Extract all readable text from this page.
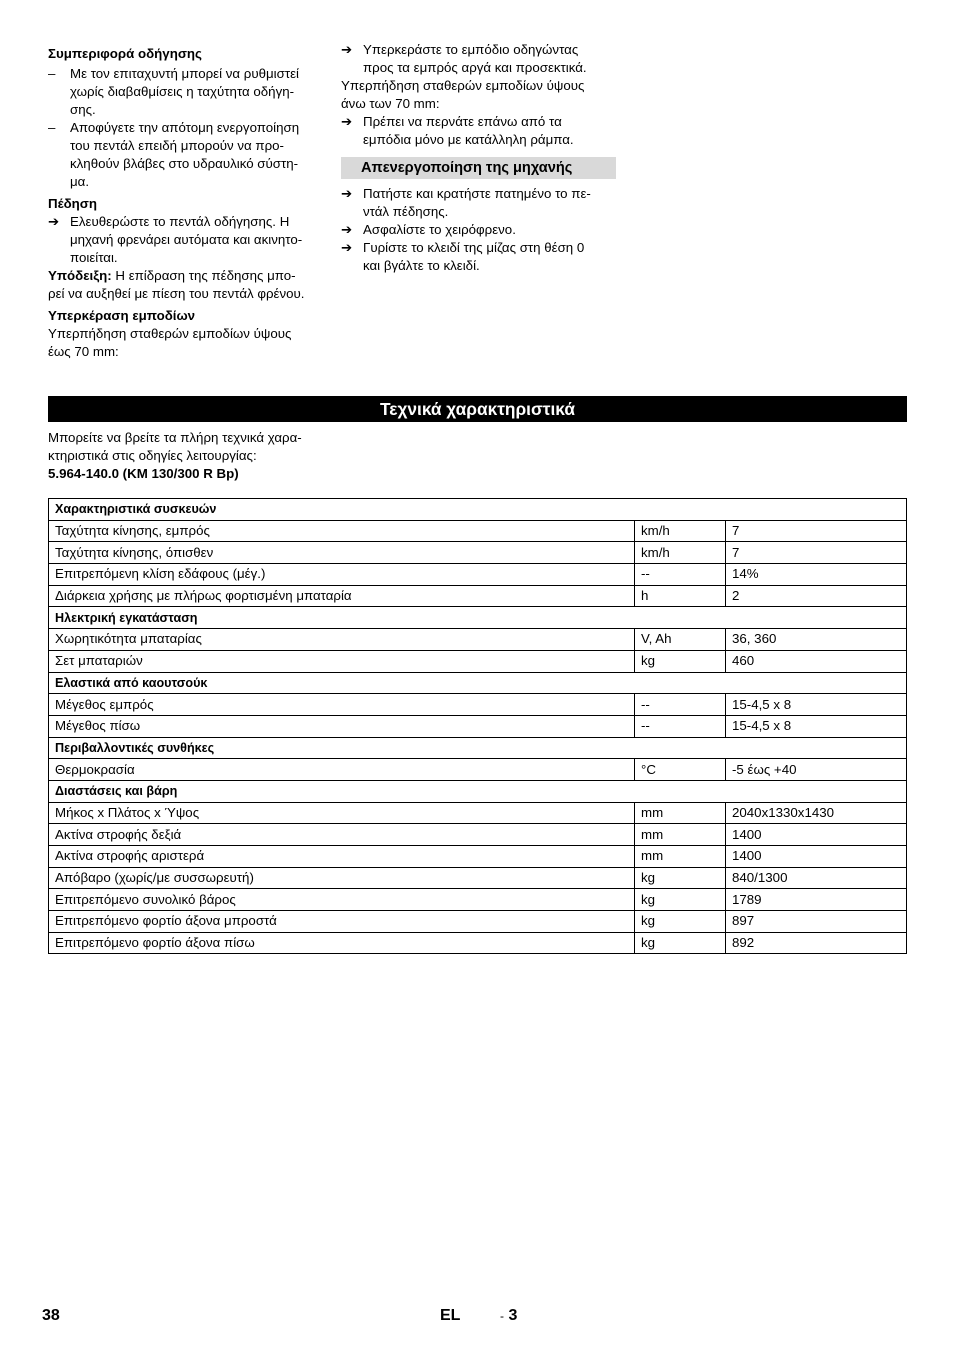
Συμπεριφορά οδήγησης

– Με τον επιταχυντή μπορεί να ρυθμιστεί
χωρίς διαβαθμίσεις η ταχύτητα οδήγη-
σης.
– Αποφύγετε την απότομη ενεργοποίηση
του πεντάλ επειδή μπορούν να προ-
κληθούν βλάβες στο υδραυλικό σύστη-
μα.

Πέδηση

➔ Ελευθερώστε το πεντάλ οδήγησης. Η
μηχανή φρενάρει αυτόματα και ακινητο-
ποιείται.
Υπόδειξη: Η επίδραση της πέδησης μπο-
ρεί να αυξηθεί με πίεση του πεντάλ φρένου.

Υπερκέραση εμποδίων

Υπερπήδηση σταθερών εμποδίων ύψους
έως 70 mm:
➔ Υπερκεράστε το εμπόδιο οδηγώντας
προς τα εμπρός αργά και προσεκτικά.
Υπερπήδηση σταθερών εμποδίων ύψους
άνω των 70 mm:
➔ Πρέπει να περνάτε επάνω από τα
εμπόδια μόνο με κατάλληλη ράμπα.
Απενεργοποίηση της μηχανής
➔ Πατήστε και κρατήστε πατημένο το πε-
ντάλ πέδησης.
➔ Ασφαλίστε το χειρόφρενο.
➔ Γυρίστε το κλειδί της μίζας στη θέση 0
και βγάλτε το κλειδί.
Τεχνικά χαρακτηριστικά
Μπορείτε να βρείτε τα πλήρη τεχνικά χαρα-
κτηριστικά στις οδηγίες λειτουργίας:
5.964-140.0 (KM 130/300 R Bp)
Χαρακτηριστικά συσκευών		
Ταχύτητα κίνησης, εμπρός	km/h	7
Ταχύτητα κίνησης, όπισθεν	km/h	7
Επιτρεπόμενη κλίση εδάφους (μέγ.)	--	14%
Διάρκεια χρήσης με πλήρως φορτισμένη μπαταρία	h	2
Ηλεκτρική εγκατάσταση		
Χωρητικότητα μπαταρίας	V, Ah	36, 360
Σετ μπαταριών	kg	460
Ελαστικά από καουτσούκ		
Μέγεθος εμπρός	--	15-4,5 x 8
Μέγεθος πίσω	--	15-4,5 x 8
Περιβαλλοντικές συνθήκες		
Θερμοκρασία	°C	-5 έως +40
Διαστάσεις και βάρη		
Μήκος x Πλάτος x Ύψος	mm	2040x1330x1430
Ακτίνα στροφής δεξιά	mm	1400
Ακτίνα στροφής αριστερά	mm	1400
Απόβαρο (χωρίς/με συσσωρευτή)	kg	840/1300
Επιτρεπόμενο συνολικό βάρος	kg	1789
Επιτρεπόμενο φορτίο άξονα μπροστά	kg	897
Επιτρεπόμενο φορτίο άξονα πίσω	kg	892
38	EL	- 3
